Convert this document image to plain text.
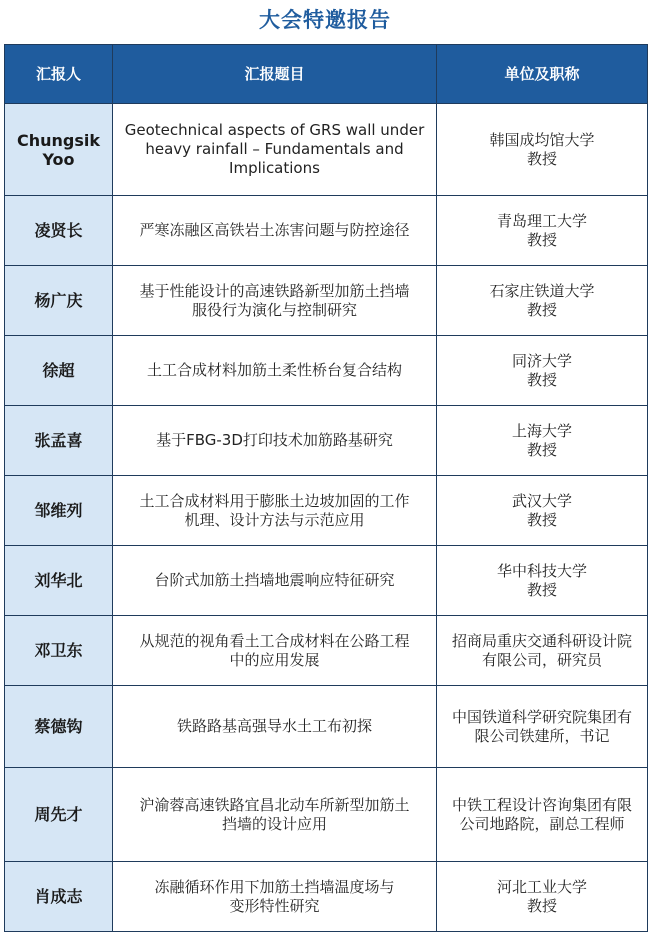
大会特邀报告
汇报人	汇报题目	单位及职称

Chungsik
Yoo	Geotechnical aspects of GRS wall under
heavy rainfall – Fundamentals and
Implications	韩国成均馆大学
教授

凌贤长	严寒冻融区高铁岩土冻害问题与防控途径	青岛理工大学
教授

杨广庆	基于性能设计的高速铁路新型加筋土挡墙
服役行为演化与控制研究	石家庄铁道大学
教授

徐超	土工合成材料加筋土柔性桥台复合结构	同济大学
教授

张孟喜	基于FBG-3D打印技术加筋路基研究	上海大学
教授

邹维列	土工合成材料用于膨胀土边坡加固的工作
机理、设计方法与示范应用	武汉大学
教授

刘华北	台阶式加筋土挡墙地震响应特征研究	华中科技大学
教授

邓卫东	从规范的视角看土工合成材料在公路工程
中的应用发展	招商局重庆交通科研设计院
有限公司，研究员

蔡德钩	铁路路基高强导水土工布初探	中国铁道科学研究院集团有
限公司铁建所，书记

周先才	沪渝蓉高速铁路宜昌北动车所新型加筋土
挡墙的设计应用	中铁工程设计咨询集团有限
公司地路院，副总工程师

肖成志	冻融循环作用下加筋土挡墙温度场与
变形特性研究	河北工业大学
教授
